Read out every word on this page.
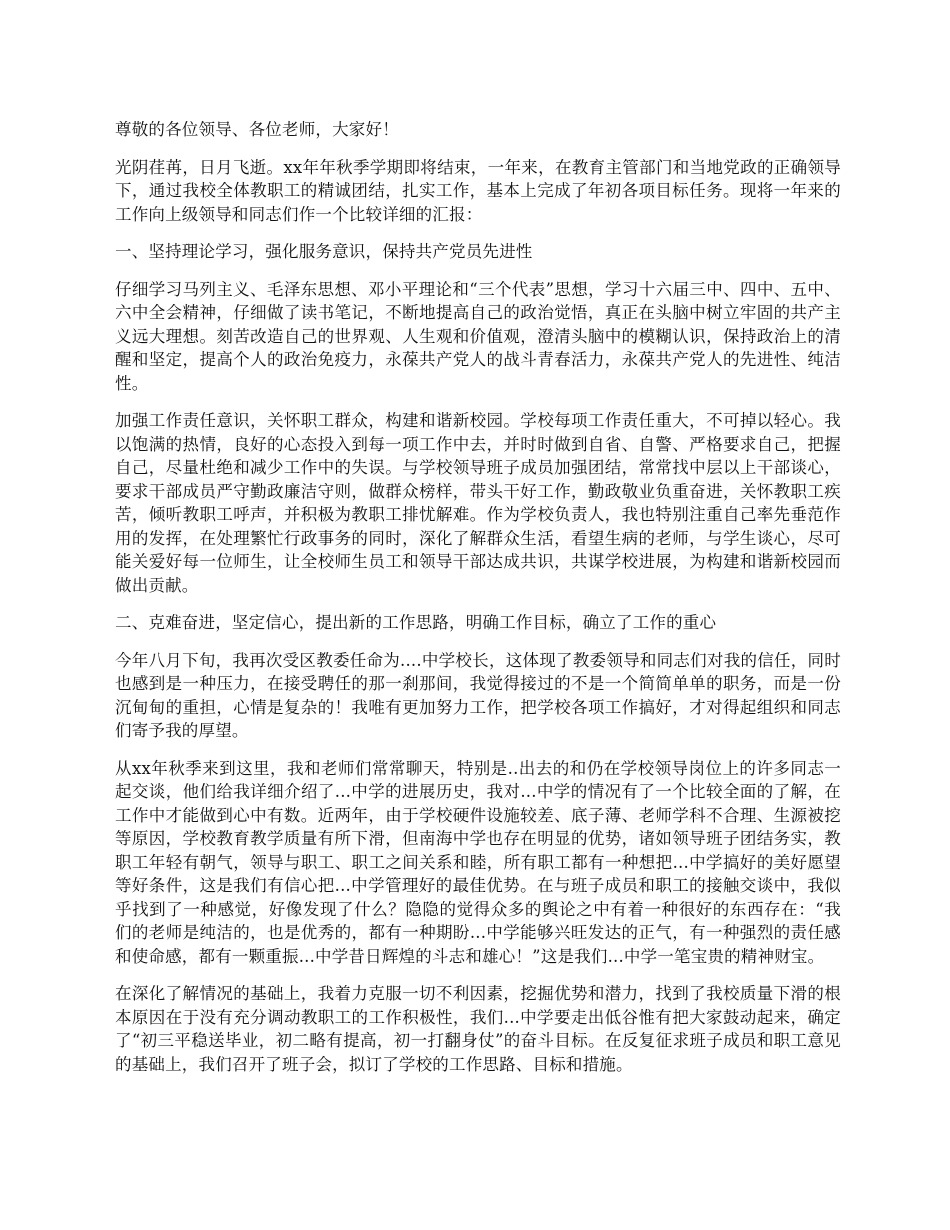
尊敬的各位领导、各位老师，大家好！

光阴荏苒，日月飞逝。xx年年秋季学期即将结束，一年来，在教育主管部门和当地党政的正确领导下，通过我校全体教职工的精诚团结，扎实工作，基本上完成了年初各项目标任务。现将一年来的工作向上级领导和同志们作一个比较详细的汇报：

一、坚持理论学习，强化服务意识，保持共产党员先进性

仔细学习马列主义、毛泽东思想、邓小平理论和“三个代表”思想，学习十六届三中、四中、五中、六中全会精神，仔细做了读书笔记，不断地提高自己的政治觉悟，真正在头脑中树立牢固的共产主义远大理想。刻苦改造自己的世界观、人生观和价值观，澄清头脑中的模糊认识，保持政治上的清醒和坚定，提高个人的政治免疫力，永葆共产党人的战斗青春活力，永葆共产党人的先进性、纯洁性。

加强工作责任意识，关怀职工群众，构建和谐新校园。学校每项工作责任重大，不可掉以轻心。我以饱满的热情，良好的心态投入到每一项工作中去，并时时做到自省、自警、严格要求自己，把握自己，尽量杜绝和减少工作中的失误。与学校领导班子成员加强团结，常常找中层以上干部谈心，要求干部成员严守勤政廉洁守则，做群众榜样，带头干好工作，勤政敬业负重奋进，关怀教职工疾苦，倾听教职工呼声，并积极为教职工排忧解难。作为学校负责人，我也特别注重自己率先垂范作用的发挥，在处理繁忙行政事务的同时，深化了解群众生活，看望生病的老师，与学生谈心，尽可能关爱好每一位师生，让全校师生员工和领导干部达成共识，共谋学校进展，为构建和谐新校园而做出贡献。

二、克难奋进，坚定信心，提出新的工作思路，明确工作目标，确立了工作的重心

今年八月下旬，我再次受区教委任命为....中学校长，这体现了教委领导和同志们对我的信任，同时也感到是一种压力，在接受聘任的那一刹那间，我觉得接过的不是一个简简单单的职务，而是一份沉甸甸的重担，心情是复杂的！我唯有更加努力工作，把学校各项工作搞好，才对得起组织和同志们寄予我的厚望。

从xx年秋季来到这里，我和老师们常常聊天，特别是..出去的和仍在学校领导岗位上的许多同志一起交谈，他们给我详细介绍了...中学的进展历史，我对...中学的情况有了一个比较全面的了解，在工作中才能做到心中有数。近两年，由于学校硬件设施较差、底子薄、老师学科不合理、生源被挖等原因，学校教育教学质量有所下滑，但南海中学也存在明显的优势，诸如领导班子团结务实，教职工年轻有朝气，领导与职工、职工之间关系和睦，所有职工都有一种想把...中学搞好的美好愿望等好条件，这是我们有信心把...中学管理好的最佳优势。在与班子成员和职工的接触交谈中，我似乎找到了一种感觉，好像发现了什么？隐隐的觉得众多的舆论之中有着一种很好的东西存在：“我们的老师是纯洁的，也是优秀的，都有一种期盼...中学能够兴旺发达的正气，有一种强烈的责任感和使命感，都有一颗重振...中学昔日辉煌的斗志和雄心！”这是我们...中学一笔宝贵的精神财宝。

在深化了解情况的基础上，我着力克服一切不利因素，挖掘优势和潜力，找到了我校质量下滑的根本原因在于没有充分调动教职工的工作积极性，我们...中学要走出低谷惟有把大家鼓动起来，确定了“初三平稳送毕业，初二略有提高，初一打翻身仗”的奋斗目标。在反复征求班子成员和职工意见的基础上，我们召开了班子会，拟订了学校的工作思路、目标和措施。
